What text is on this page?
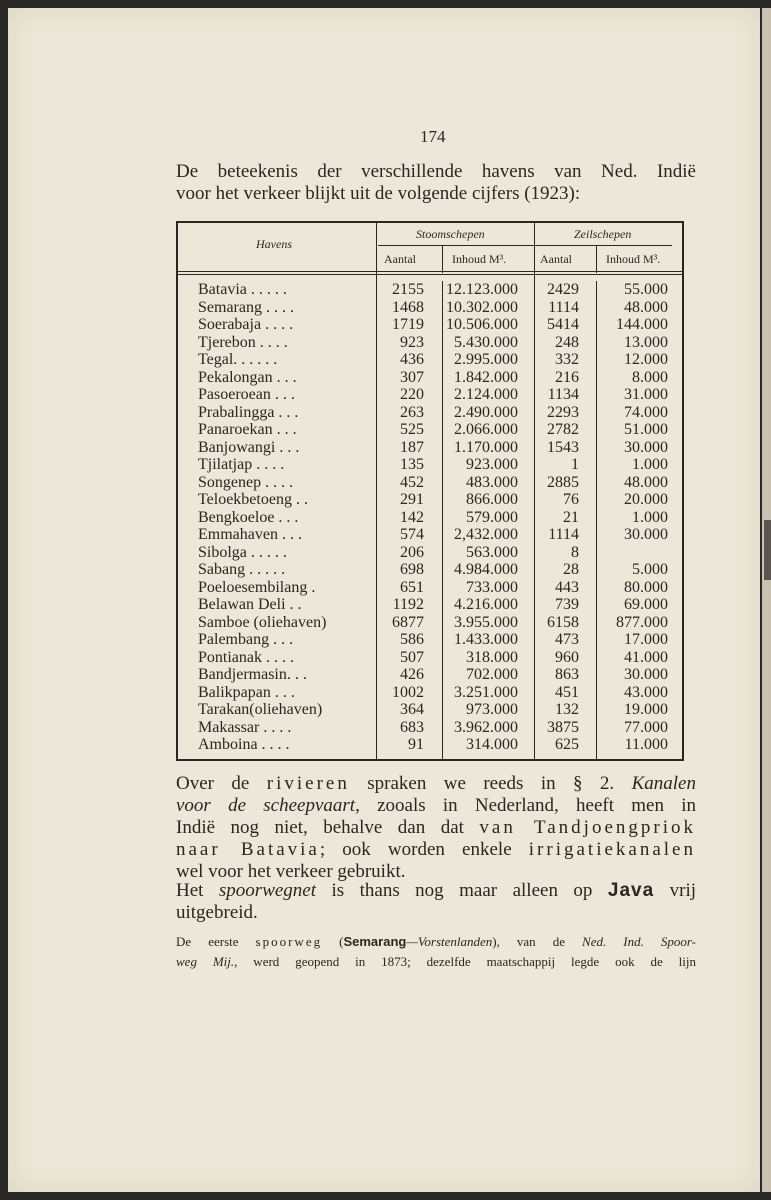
174
De beteekenis der verschillende havens van Ned. Indië
voor het verkeer blijkt uit de volgende cijfers (1923):
Havens
Stoomschepen	Zeilschepen
Aantal	Inhoud M³.	Aantal	Inhoud M³.
Batavia . . . . .	2155 12.123.000 2429	55.000
Semarang . . . .	1468 10.302.000 1114	48.000
Soerabaja . . . .	1719 10.506.000 5414 144.000
Tjerebon . . . .	923 5.430.000 248	13.000
Tegal. . . . . .	436 2.995.000 332	12.000
Pekalongan . . .	307 1.842.000 216	8.000
Pasoeroean . . .	220 2.124.000 1134	31.000
Prabalingga . . .	263 2.490.000 2293	74.000
Panaroekan . . .	525 2.066.000 2782	51.000
Banjowangi . . .	187 1.170.000 1543	30.000
Tjilatjap . . . .	135	923.000	1	1.000
Songenep . . . .	452	483.000 2885	48.000
Teloekbetoeng . .	291	866.000	76	20.000
Bengkoeloe . . .	142	579.000	21	1.000
Emmahaven . . .	574 2,432.000 1114	30.000
Sibolga . . . . .	206	563.000	8
Sabang . . . . .	698 4.984.000	28	5.000
Poeloesembilang .	651	733.000 443	80.000
Belawan Deli . .	1192 4.216.000 739	69.000
Samboe (oliehaven)	6877 3.955.000 6158 877.000
Palembang . . .	586 1.433.000 473	17.000
Pontianak . . . .	507	318.000 960	41.000
Bandjermasin. . .	426	702.000 863	30.000
Balikpapan . . .	1002 3.251.000 451	43.000
Tarakan(oliehaven)	364	973.000 132	19.000
Makassar . . . .	683 3.962.000 3875	77.000
Amboina . . . .	91	314.000 625	11.000
Over de rivieren spraken we reeds in § 2. Kanalen
voor de scheepvaart, zooals in Nederland, heeft men in
Indië nog niet, behalve dan dat van Tandjoengpriok
naar Batavia; ook worden enkele irrigatiekanalen
wel voor het verkeer gebruikt.
Het spoorwegnet is thans nog maar alleen op Java vrij
uitgebreid.
De eerste spoorweg (Semarang—Vorstenlanden), van de Ned. Ind. Spoor-
weg Mij., werd geopend in 1873; dezelfde maatschappij legde ook de lijn
